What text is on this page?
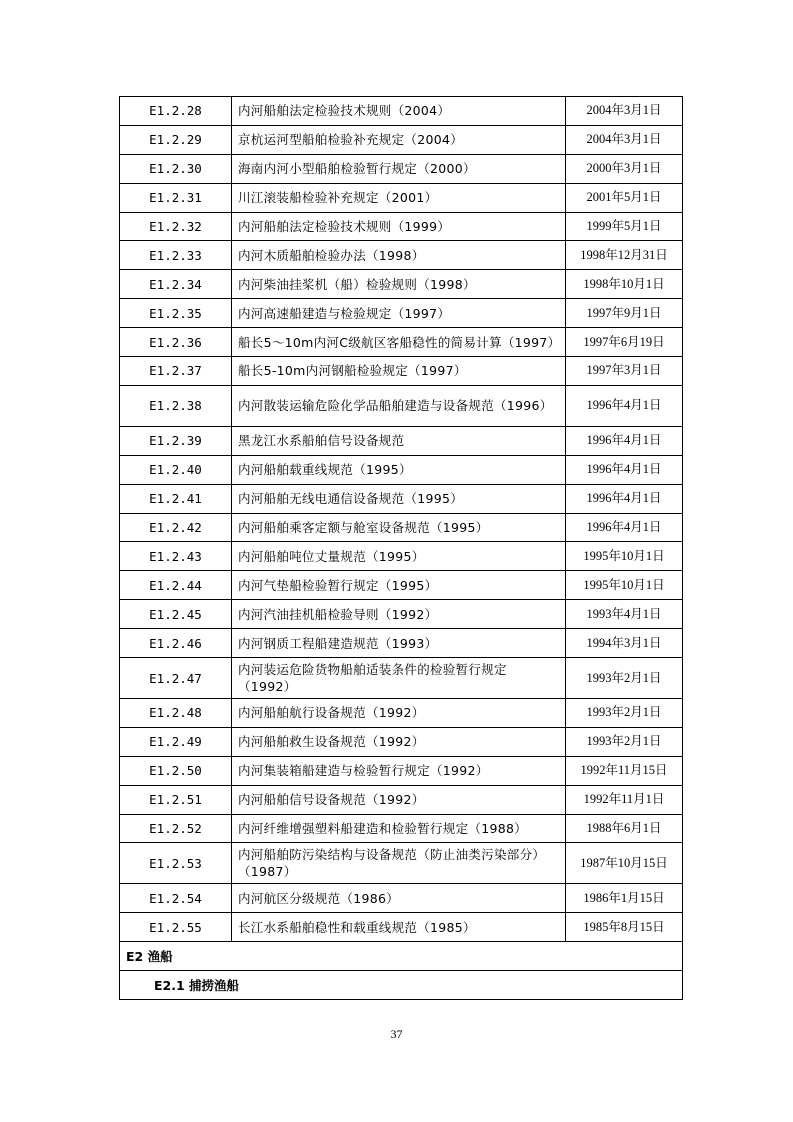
E1.2.28	内河船舶法定检验技术规则（2004）	2004年3月1日
E1.2.29	京杭运河型船舶检验补充规定（2004）	2004年3月1日
E1.2.30	海南内河小型船舶检验暂行规定（2000）	2000年3月1日
E1.2.31	川江滚装船检验补充规定（2001）	2001年5月1日
E1.2.32	内河船舶法定检验技术规则（1999）	1999年5月1日
E1.2.33	内河木质船舶检验办法（1998）	1998年12月31日
E1.2.34	内河柴油挂桨机（船）检验规则（1998）	1998年10月1日
E1.2.35	内河高速船建造与检验规定（1997）	1997年9月1日
E1.2.36	船长5～10m内河C级航区客船稳性的简易计算（1997）	1997年6月19日
E1.2.37	船长5-10m内河钢船检验规定（1997）	1997年3月1日
E1.2.38	内河散装运输危险化学品船舶建造与设备规范（1996）	1996年4月1日
E1.2.39	黑龙江水系船舶信号设备规范	1996年4月1日
E1.2.40	内河船舶载重线规范（1995）	1996年4月1日
E1.2.41	内河船舶无线电通信设备规范（1995）	1996年4月1日
E1.2.42	内河船舶乘客定额与舱室设备规范（1995）	1996年4月1日
E1.2.43	内河船舶吨位丈量规范（1995）	1995年10月1日
E1.2.44	内河气垫船检验暂行规定（1995）	1995年10月1日
E1.2.45	内河汽油挂机船检验导则（1992）	1993年4月1日
E1.2.46	内河钢质工程船建造规范（1993）	1994年3月1日
E1.2.47	内河装运危险货物船舶适装条件的检验暂行规定（1992）	1993年2月1日
E1.2.48	内河船舶航行设备规范（1992）	1993年2月1日
E1.2.49	内河船舶救生设备规范（1992）	1993年2月1日
E1.2.50	内河集装箱船建造与检验暂行规定（1992）	1992年11月15日
E1.2.51	内河船舶信号设备规范（1992）	1992年11月1日
E1.2.52	内河纤维增强塑料船建造和检验暂行规定（1988）	1988年6月1日
E1.2.53	内河船舶防污染结构与设备规范（防止油类污染部分）（1987）	1987年10月15日
E1.2.54	内河航区分级规范（1986）	1986年1月15日
E1.2.55	长江水系船舶稳性和载重线规范（1985）	1985年8月15日
E2 渔船		
E2.1 捕捞渔船		
37
